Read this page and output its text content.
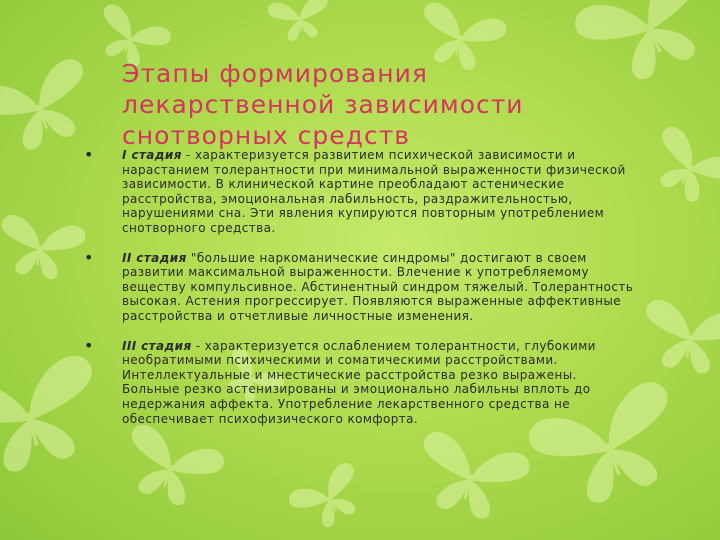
Этапы формирования
лекарственной зависимости
снотворных средств
• I стадия - характеризуется развитием психической зависимости и нарастанием толерантности при минимальной выраженности физической зависимости. В клинической картине преобладают астенические расстройства, эмоциональная лабильность, раздражительностью, нарушениями сна. Эти явления купируются повторным употреблением снотворного средства.
• II стадия "большие наркоманические синдромы" достигают в своем развитии максимальной выраженности. Влечение к употребляемому веществу компульсивное. Абстинентный синдром тяжелый. Толерантность высокая. Астения прогрессирует. Появляются выраженные аффективные расстройства и отчетливые личностные изменения.
• III стадия - характеризуется ослаблением толерантности, глубокими необратимыми психическими и соматическими расстройствами. Интеллектуальные и мнестические расстройства резко выражены. Больные резко астенизированы и эмоционально лабильны вплоть до недержания аффекта. Употребление лекарственного средства не обеспечивает психофизического комфорта.
